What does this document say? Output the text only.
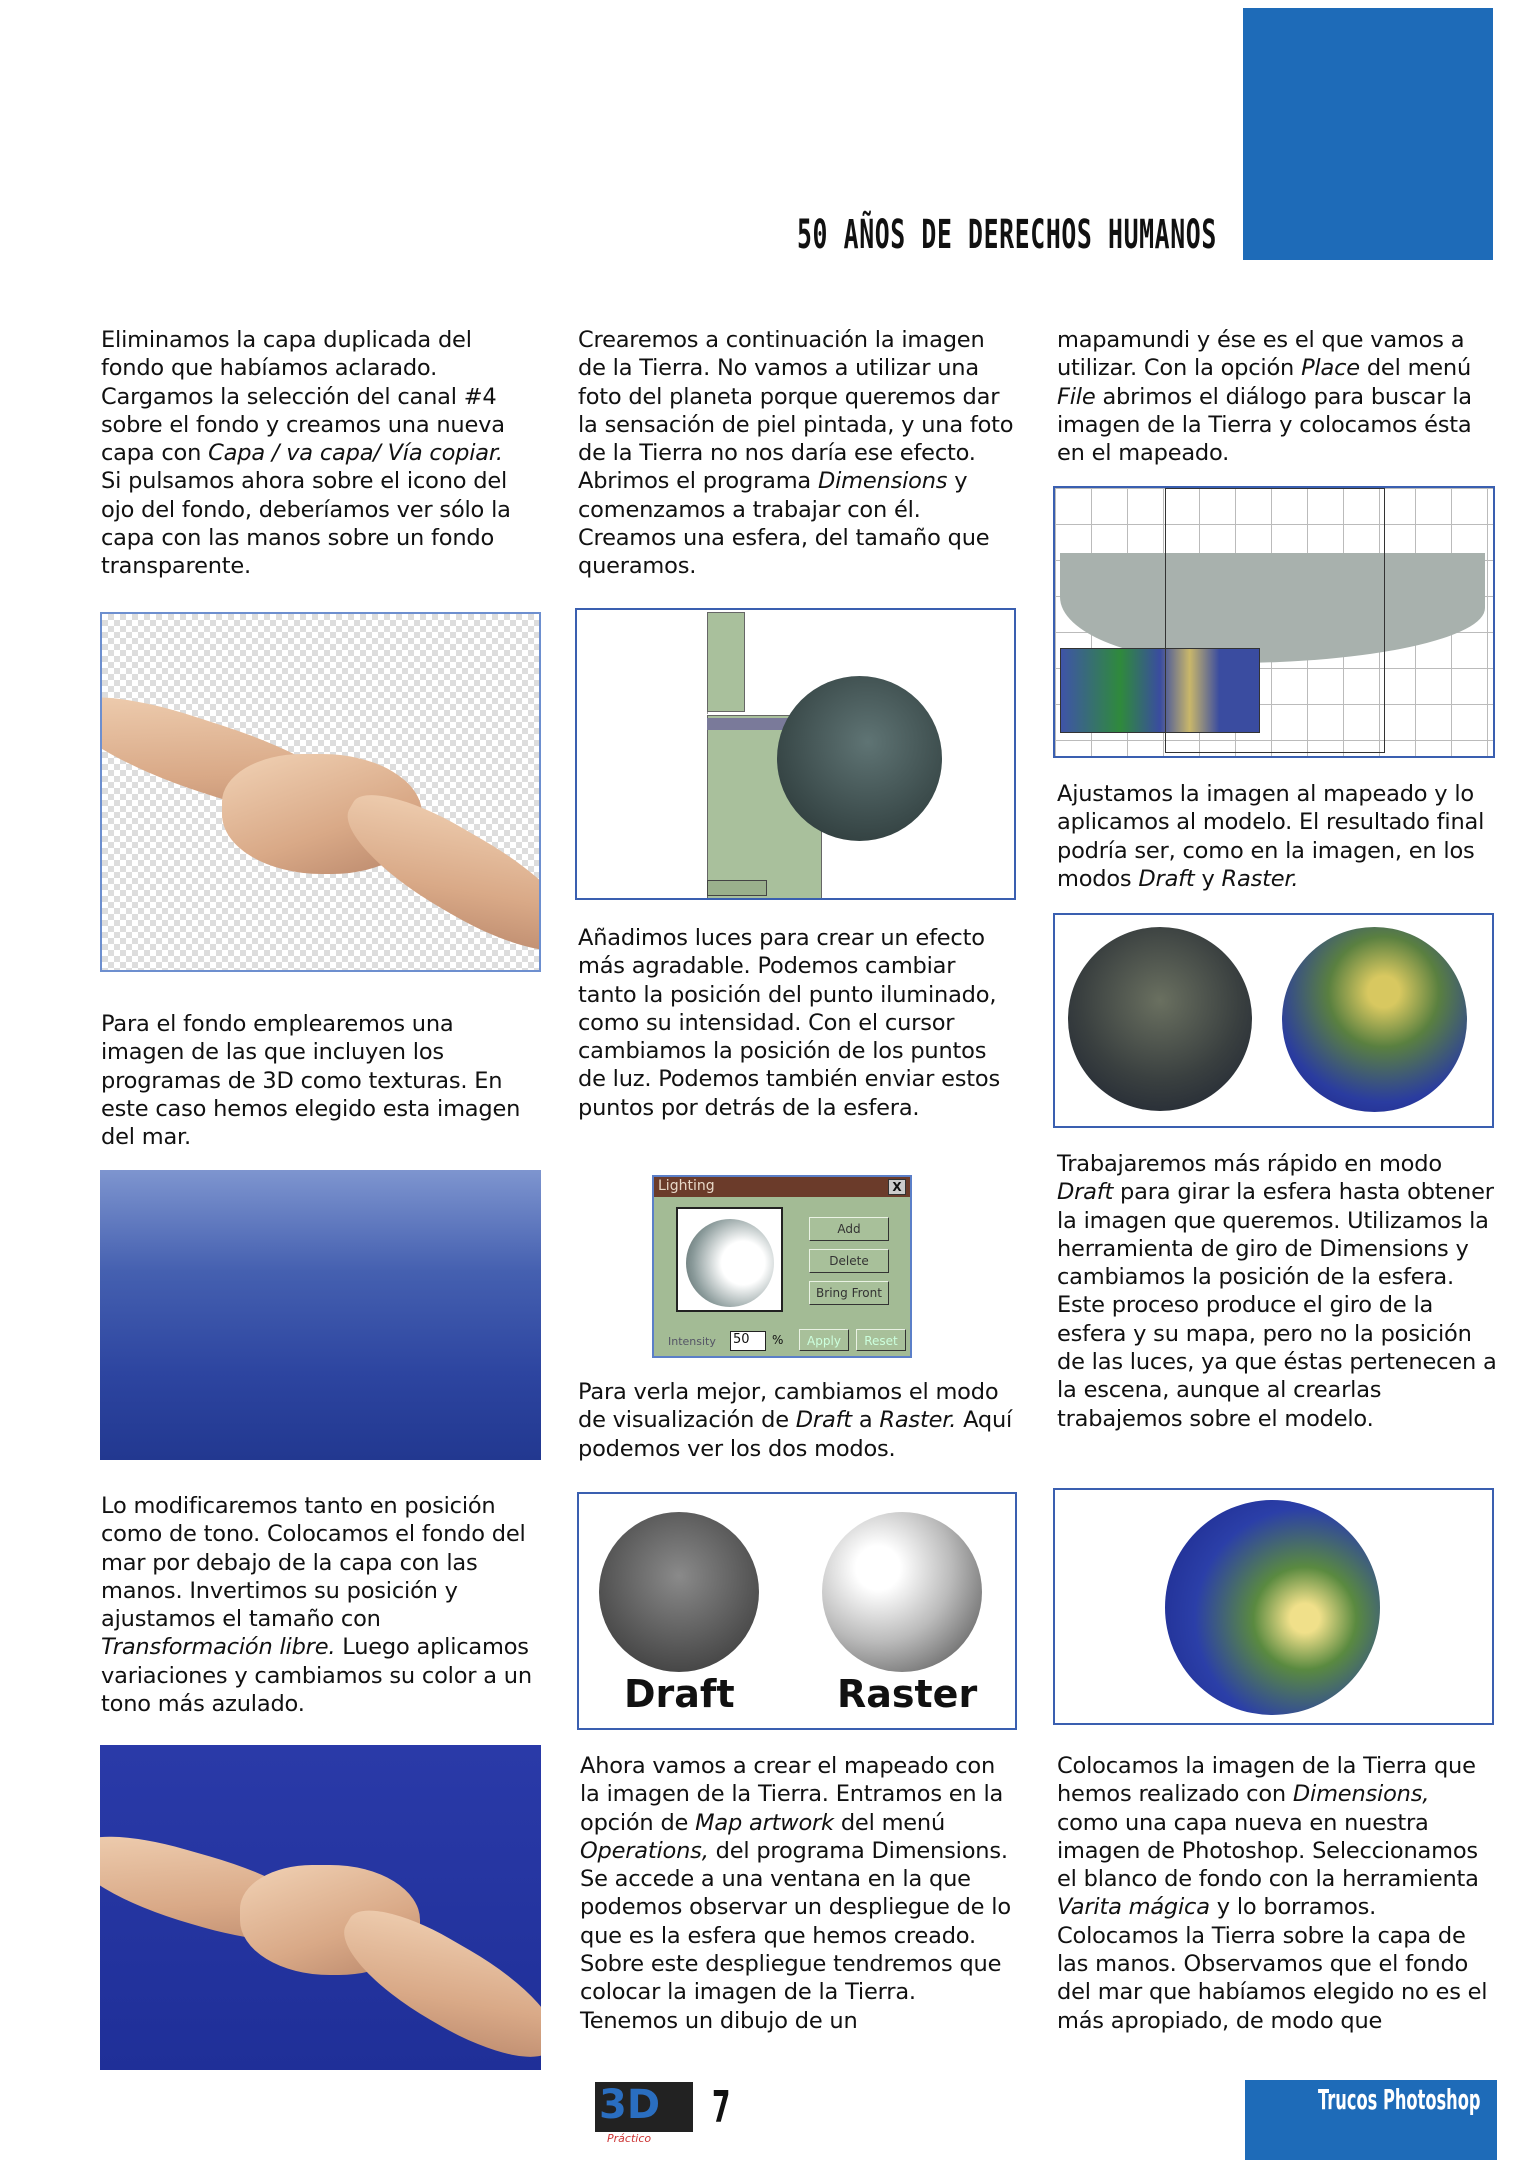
50 AÑOS DE DERECHOS HUMANOS
Eliminamos la capa duplicada del
fondo que habíamos aclarado.
Cargamos la selección del canal #4
sobre el fondo y creamos una nueva
capa con Capa / va capa/ Vía copiar.
Si pulsamos ahora sobre el icono del
ojo del fondo, deberíamos ver sólo la
capa con las manos sobre un fondo
transparente.
Para el fondo emplearemos una imagen de las que incluyen los programas de 3D como texturas. En este caso hemos elegido esta imagen del mar.
Lo modificaremos tanto en posición como de tono. Colocamos el fondo del mar por debajo de la capa con las manos. Invertimos su posición y ajustamos el tamaño con Transformación libre. Luego aplicamos variaciones y cambiamos su color a un tono más azulado.
Crearemos a continuación la imagen de la Tierra. No vamos a utilizar una foto del planeta porque queremos dar la sensación de piel pintada, y una foto de la Tierra no nos daría ese efecto. Abrimos el programa Dimensions y comenzamos a trabajar con él. Creamos una esfera, del tamaño que queramos.
Añadimos luces para crear un efecto más agradable. Podemos cambiar tanto la posición del punto iluminado, como su intensidad. Con el cursor cambiamos la posición de los puntos de luz. Podemos también enviar estos puntos por detrás de la esfera.
Lighting	X
Add
Delete
Bring Front
Intensity 50	%	Apply	Reset
Para verla mejor, cambiamos el modo de visualización de Draft a Raster. Aquí podemos ver los dos modos.
Draft	Raster
Ahora vamos a crear el mapeado con la imagen de la Tierra. Entramos en la opción de Map artwork del menú Operations, del programa Dimensions. Se accede a una ventana en la que podemos observar un despliegue de lo que es la esfera que hemos creado. Sobre este despliegue tendremos que colocar la imagen de la Tierra. Tenemos un dibujo de un
mapamundi y ése es el que vamos a utilizar. Con la opción Place del menú File abrimos el diálogo para buscar la imagen de la Tierra y colocamos ésta en el mapeado.
Ajustamos la imagen al mapeado y lo aplicamos al modelo. El resultado final podría ser, como en la imagen, en los modos Draft y Raster.
Trabajaremos más rápido en modo Draft para girar la esfera hasta obtener la imagen que queremos. Utilizamos la herramienta de giro de Dimensions y cambiamos la posición de la esfera. Este proceso produce el giro de la esfera y su mapa, pero no la posición de las luces, ya que éstas pertenecen a la escena, aunque al crearlas trabajemos sobre el modelo.
Colocamos la imagen de la Tierra que hemos realizado con Dimensions, como una capa nueva en nuestra imagen de Photoshop. Seleccionamos el blanco de fondo con la herramienta Varita mágica y lo borramos. Colocamos la Tierra sobre la capa de las manos. Observamos que el fondo del mar que habíamos elegido no es el más apropiado, de modo que
3D
Práctico
7	Trucos Photoshop
